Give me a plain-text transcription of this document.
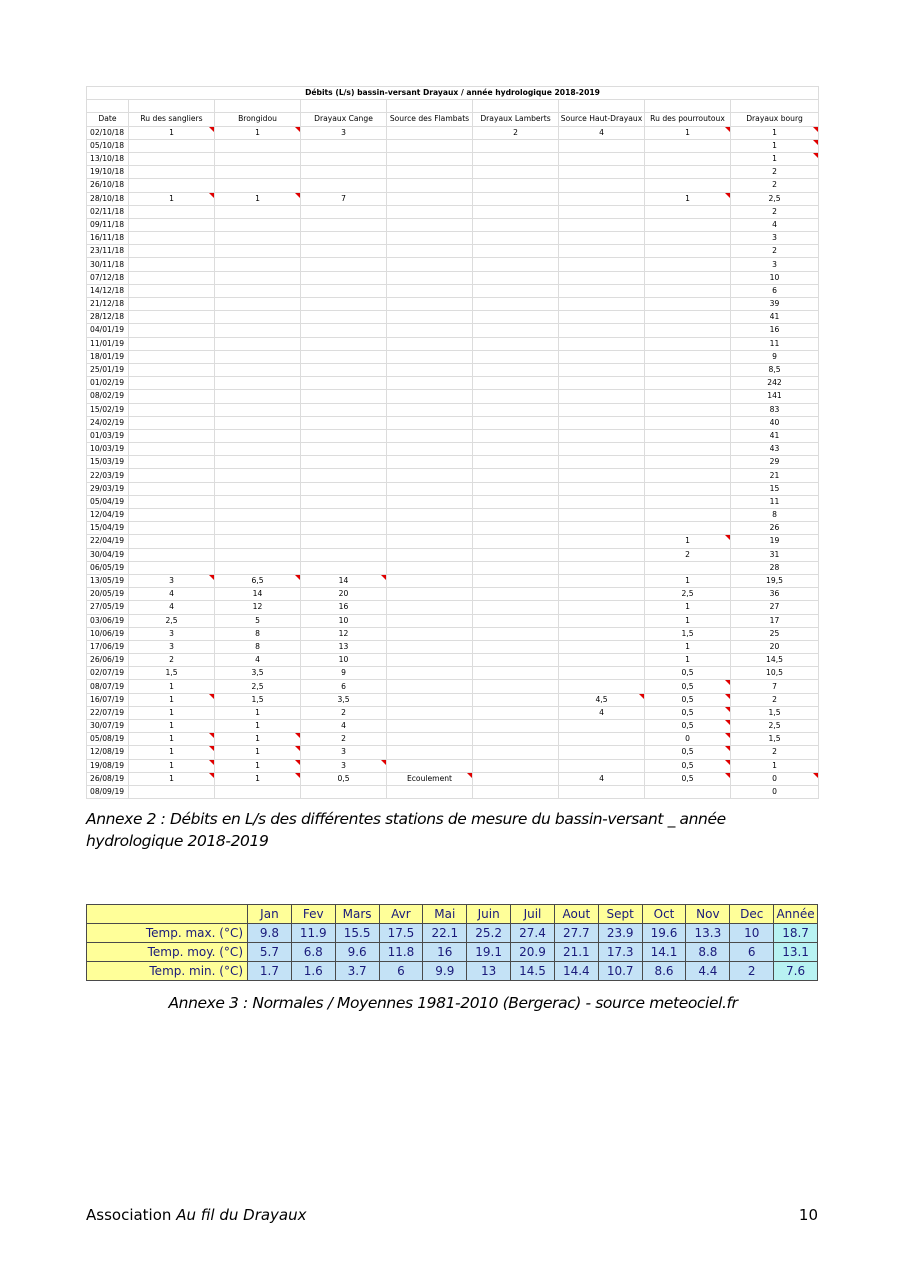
Débits (L/s) bassin-versant Drayaux / année hydrologique 2018-2019								

Date	Ru des sangliers	Brongidou	Drayaux Cange	Source des Flambats	Drayaux Lamberts	Source Haut-Drayaux	Ru des pourroutoux	Drayaux bourg
02/10/18	1	1	3		2	4	1	1
05/10/18								1
13/10/18								1
19/10/18								2
26/10/18								2
28/10/18	1	1	7				1	2,5
02/11/18								2
09/11/18								4
16/11/18								3
23/11/18								2
30/11/18								3
07/12/18								10
14/12/18								6
21/12/18								39
28/12/18								41
04/01/19								16
11/01/19								11
18/01/19								9
25/01/19								8,5
01/02/19								242
08/02/19								141
15/02/19								83
24/02/19								40
01/03/19								41
10/03/19								43
15/03/19								29
22/03/19								21
29/03/19								15
05/04/19								11
12/04/19								8
15/04/19								26
22/04/19							1	19
30/04/19							2	31
06/05/19								28
13/05/19	3	6,5	14				1	19,5
20/05/19	4	14	20				2,5	36
27/05/19	4	12	16				1	27
03/06/19	2,5	5	10				1	17
10/06/19	3	8	12				1,5	25
17/06/19	3	8	13				1	20
26/06/19	2	4	10				1	14,5
02/07/19	1,5	3,5	9				0,5	10,5
08/07/19	1	2,5	6				0,5	7
16/07/19	1	1,5	3,5			4,5	0,5	2
22/07/19	1	1	2			4	0,5	1,5
30/07/19	1	1	4				0,5	2,5
05/08/19	1	1	2				0	1,5
12/08/19	1	1	3				0,5	2
19/08/19	1	1	3				0,5	1
26/08/19	1	1	0,5	Ecoulement		4	0,5	0
08/09/19								0
Annexe 2 : Débits en L/s des différentes stations de mesure du bassin-versant _ année hydrologique 2018-2019
	Jan	Fev	Mars	Avr	Mai	Juin	Juil	Aout	Sept	Oct	Nov	Dec	Année
Temp. max. (°C)	9.8	11.9	15.5	17.5	22.1	25.2	27.4	27.7	23.9	19.6	13.3	10	18.7
Temp. moy. (°C)	5.7	6.8	9.6	11.8	16	19.1	20.9	21.1	17.3	14.1	8.8	6	13.1
Temp. min. (°C)	1.7	1.6	3.7	6	9.9	13	14.5	14.4	10.7	8.6	4.4	2	7.6
Annexe 3 : Normales / Moyennes 1981-2010 (Bergerac) - source meteociel.fr
Association Au fil du Drayaux	10
